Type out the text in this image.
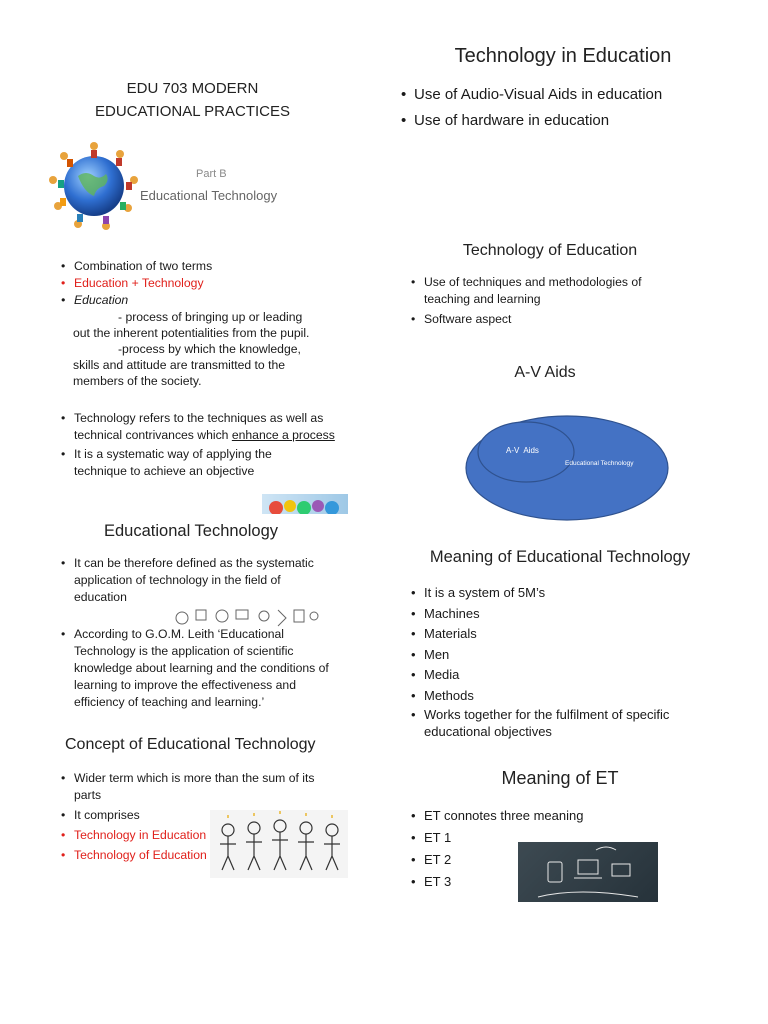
EDU 703 MODERN
EDUCATIONAL PRACTICES
Part B
Educational Technology
• Combination of two terms
• Education + Technology
• Education
- process of bringing up or leading out the inherent potentialities from the pupil.
-process by which the knowledge, skills and attitude are transmitted to the members of the society.
• Technology refers to the techniques as well as technical contrivances which enhance a process
• It is a systematic way of applying the technique to achieve an objective
Educational Technology
• It can be therefore defined as the systematic application of technology in the field of education
• According to G.O.M. Leith ‘Educational Technology is the application of scientific knowledge about learning and the conditions of learning to improve the effectiveness and efficiency of teaching and learning.’
Concept of Educational Technology
• Wider term which is more than the sum of its parts
• It comprises
• Technology in Education
• Technology of Education
Technology in Education
• Use of Audio-Visual Aids in education
• Use of hardware in education
Technology of Education
• Use of techniques and methodologies of teaching and learning
• Software aspect
A-V Aids
A-V  Aids
Educational Technology
Meaning of Educational Technology
• It is a system of 5M’s
• Machines
• Materials
• Men
• Media
• Methods
• Works together for the fulfilment of specific educational objectives
Meaning of ET
• ET connotes three meaning
• ET 1
• ET 2
• ET 3
